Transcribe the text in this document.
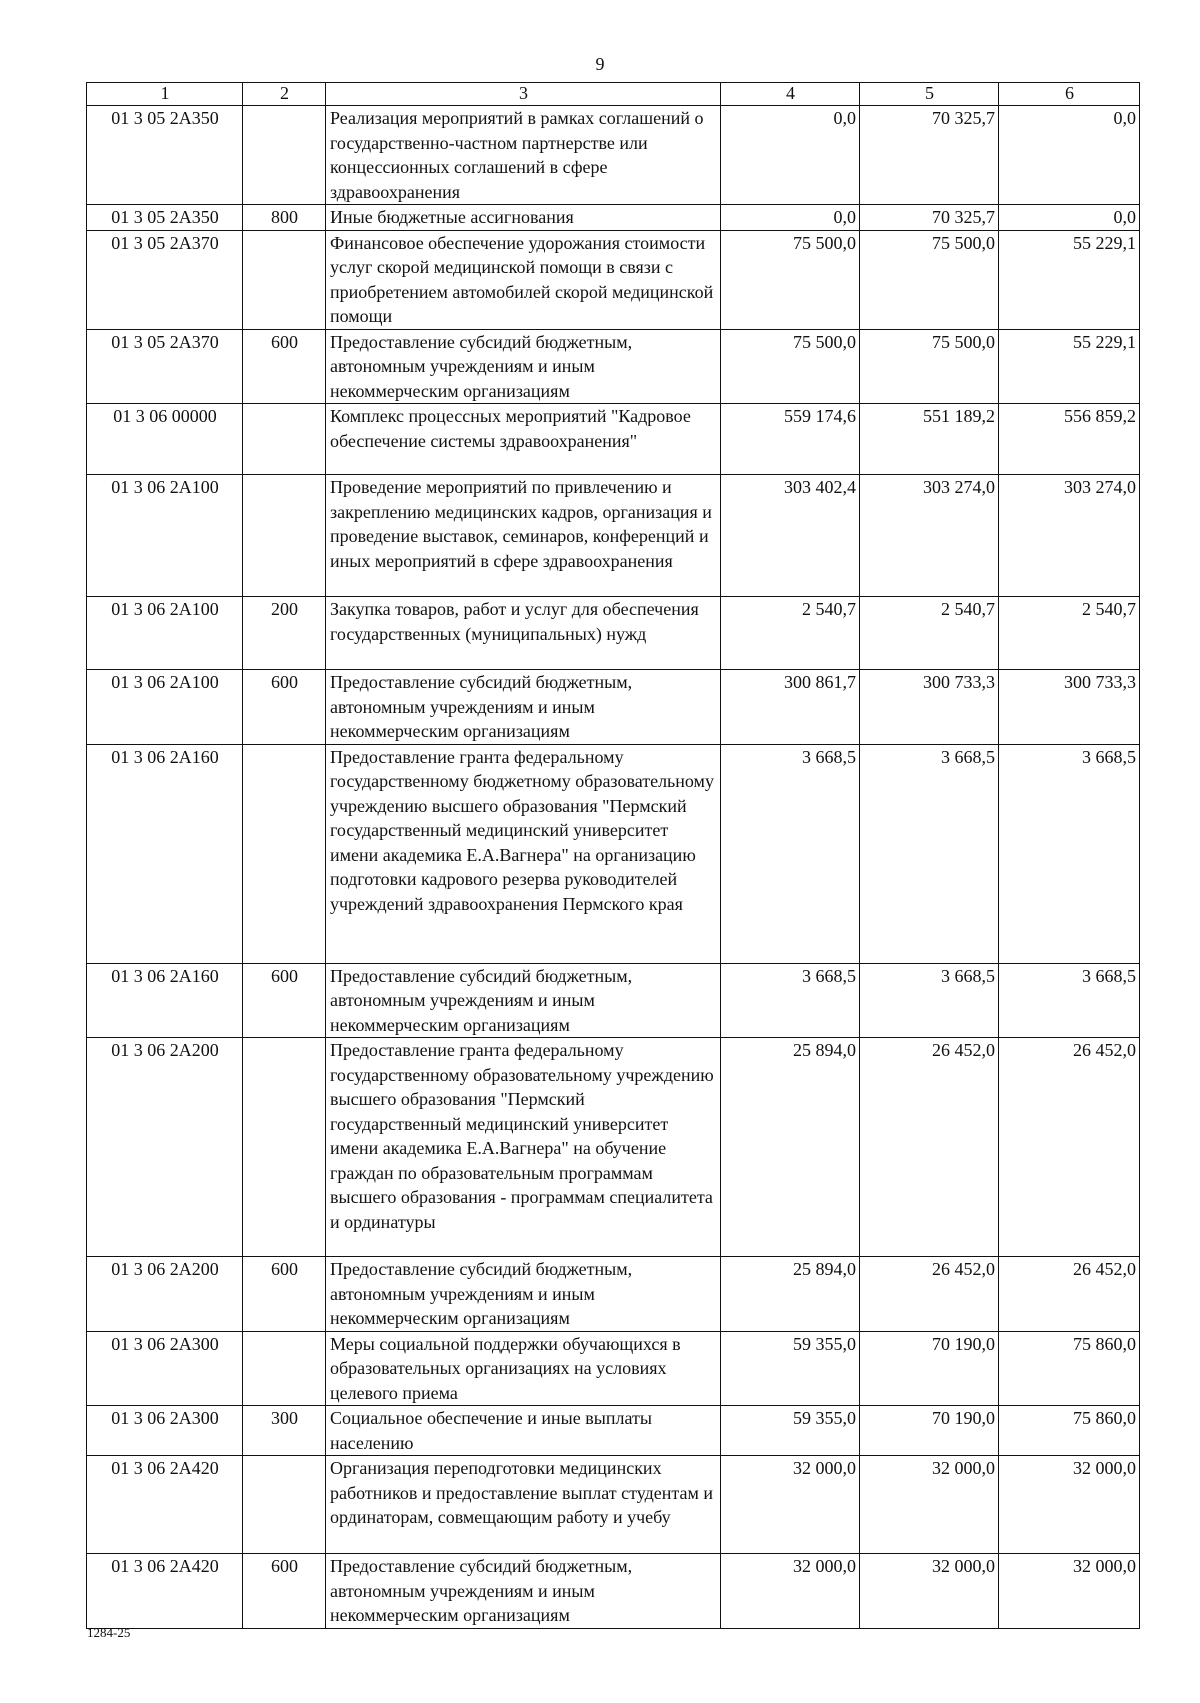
9
1	2	3	4	5	6
01 3 05 2А350		Реализация мероприятий в рамках соглашений о государственно-частном партнерстве или концессионных соглашений в сфере здравоохранения	0,0	70 325,7	0,0
01 3 05 2А350	800	Иные бюджетные ассигнования	0,0	70 325,7	0,0
01 3 05 2А370		Финансовое обеспечение удорожания стоимости услуг скорой медицинской помощи в связи с приобретением автомобилей скорой медицинской помощи	75 500,0	75 500,0	55 229,1
01 3 05 2А370	600	Предоставление субсидий бюджетным, автономным учреждениям и иным некоммерческим организациям	75 500,0	75 500,0	55 229,1
01 3 06 00000		Комплекс процессных мероприятий "Кадровое обеспечение системы здравоохранения"	559 174,6	551 189,2	556 859,2
01 3 06 2А100		Проведение мероприятий по привлечению и закреплению медицинских кадров, организация и проведение выставок, семинаров, конференций и иных мероприятий в сфере здравоохранения	303 402,4	303 274,0	303 274,0
01 3 06 2А100	200	Закупка товаров, работ и услуг для обеспечения государственных (муниципальных) нужд	2 540,7	2 540,7	2 540,7
01 3 06 2А100	600	Предоставление субсидий бюджетным, автономным учреждениям и иным некоммерческим организациям	300 861,7	300 733,3	300 733,3
01 3 06 2А160		Предоставление гранта федеральному государственному бюджетному образовательному учреждению высшего образования "Пермский государственный медицинский университет имени академика Е.А.Вагнера" на организацию подготовки кадрового резерва руководителей учреждений здравоохранения Пермского края	3 668,5	3 668,5	3 668,5
01 3 06 2А160	600	Предоставление субсидий бюджетным, автономным учреждениям и иным некоммерческим организациям	3 668,5	3 668,5	3 668,5
01 3 06 2А200		Предоставление гранта федеральному государственному образовательному учреждению высшего образования "Пермский государственный медицинский университет имени академика Е.А.Вагнера" на обучение граждан по образовательным программам высшего образования - программам специалитета и ординатуры	25 894,0	26 452,0	26 452,0
01 3 06 2А200	600	Предоставление субсидий бюджетным, автономным учреждениям и иным некоммерческим организациям	25 894,0	26 452,0	26 452,0
01 3 06 2А300		Меры социальной поддержки обучающихся в образовательных организациях на условиях целевого приема	59 355,0	70 190,0	75 860,0
01 3 06 2А300	300	Социальное обеспечение и иные выплаты населению	59 355,0	70 190,0	75 860,0
01 3 06 2А420		Организация переподготовки медицинских работников и предоставление выплат студентам и ординаторам, совмещающим работу и учебу	32 000,0	32 000,0	32 000,0
01 3 06 2А420	600	Предоставление субсидий бюджетным, автономным учреждениям и иным некоммерческим организациям	32 000,0	32 000,0	32 000,0
1284-25
